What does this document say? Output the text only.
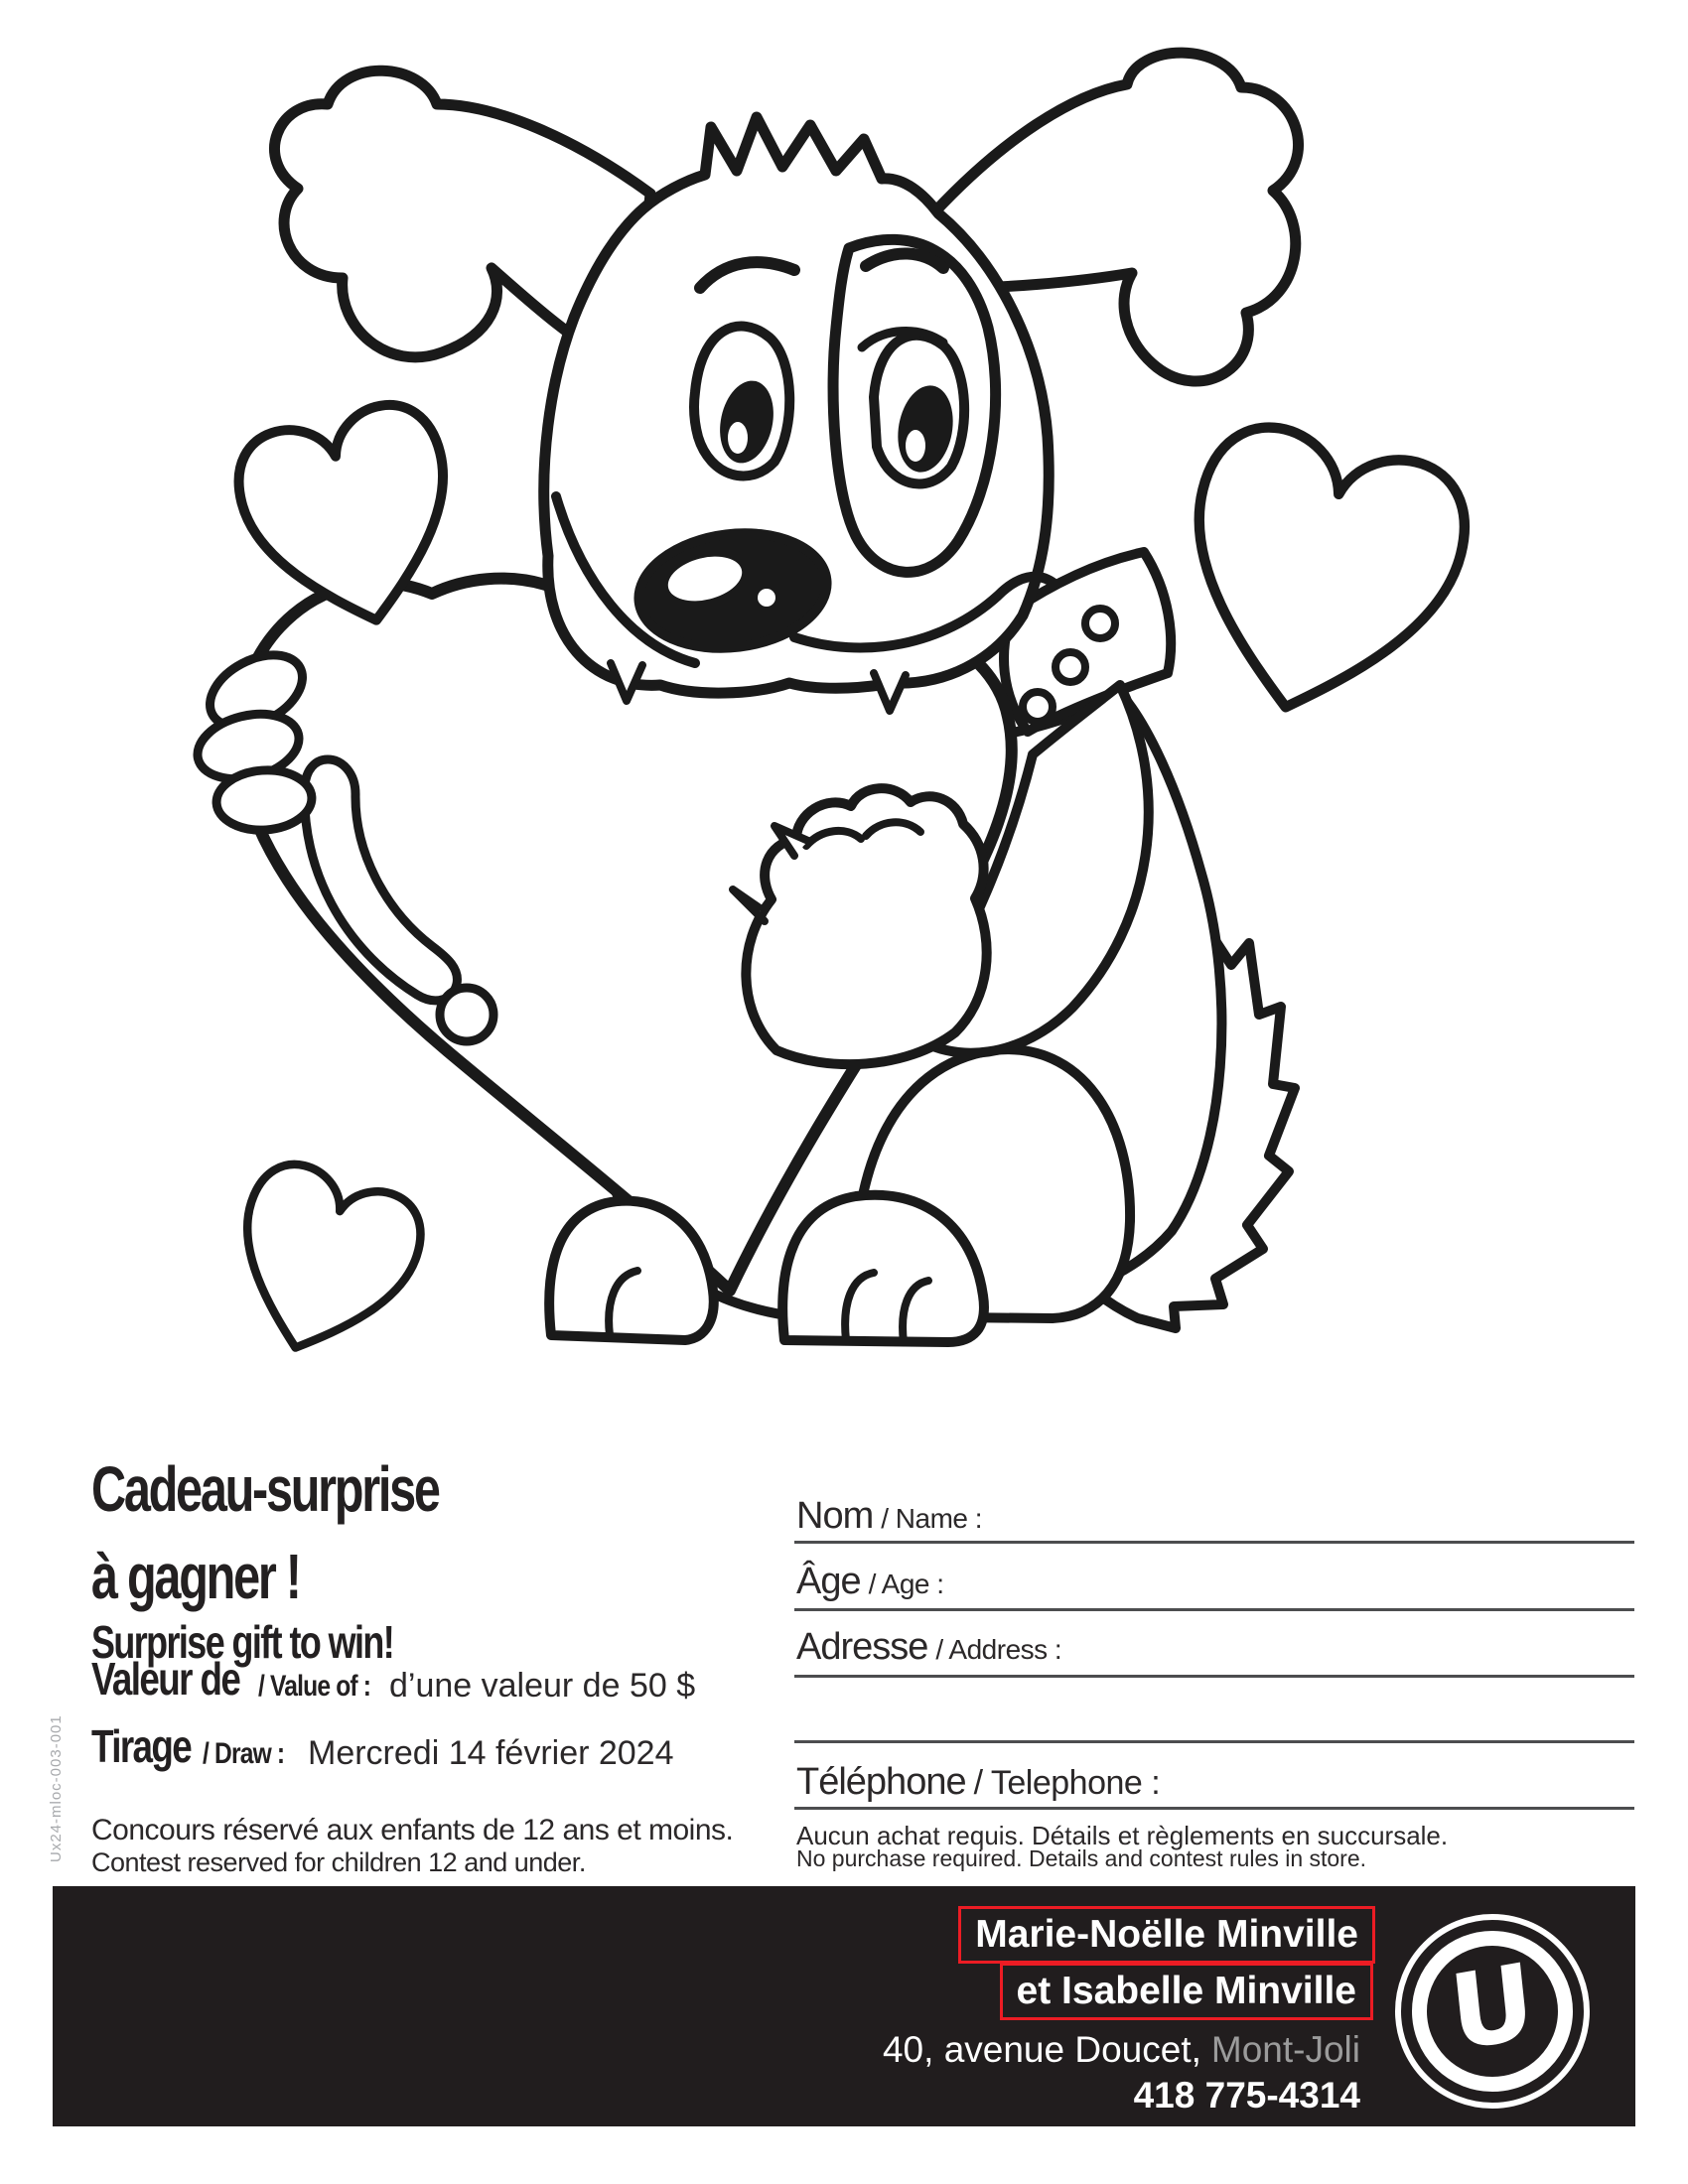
Cadeau-surprise
à gagner !
Surprise gift to win!
Valeur de / Value of : d’une valeur de 50 $
Tirage / Draw : Mercredi 14 février 2024
Concours réservé aux enfants de 12 ans et moins.
Contest reserved for children 12 and under.
Ux24-mloc-003-001
Nom / Name :
Âge / Age :
Adresse / Address :
Téléphone / Telephone :
Aucun achat requis. Détails et règlements en succursale.
No purchase required. Details and contest rules in store.
Marie-Noëlle Minville
et Isabelle Minville
40, avenue Doucet, Mont-Joli
418 775-4314
U
